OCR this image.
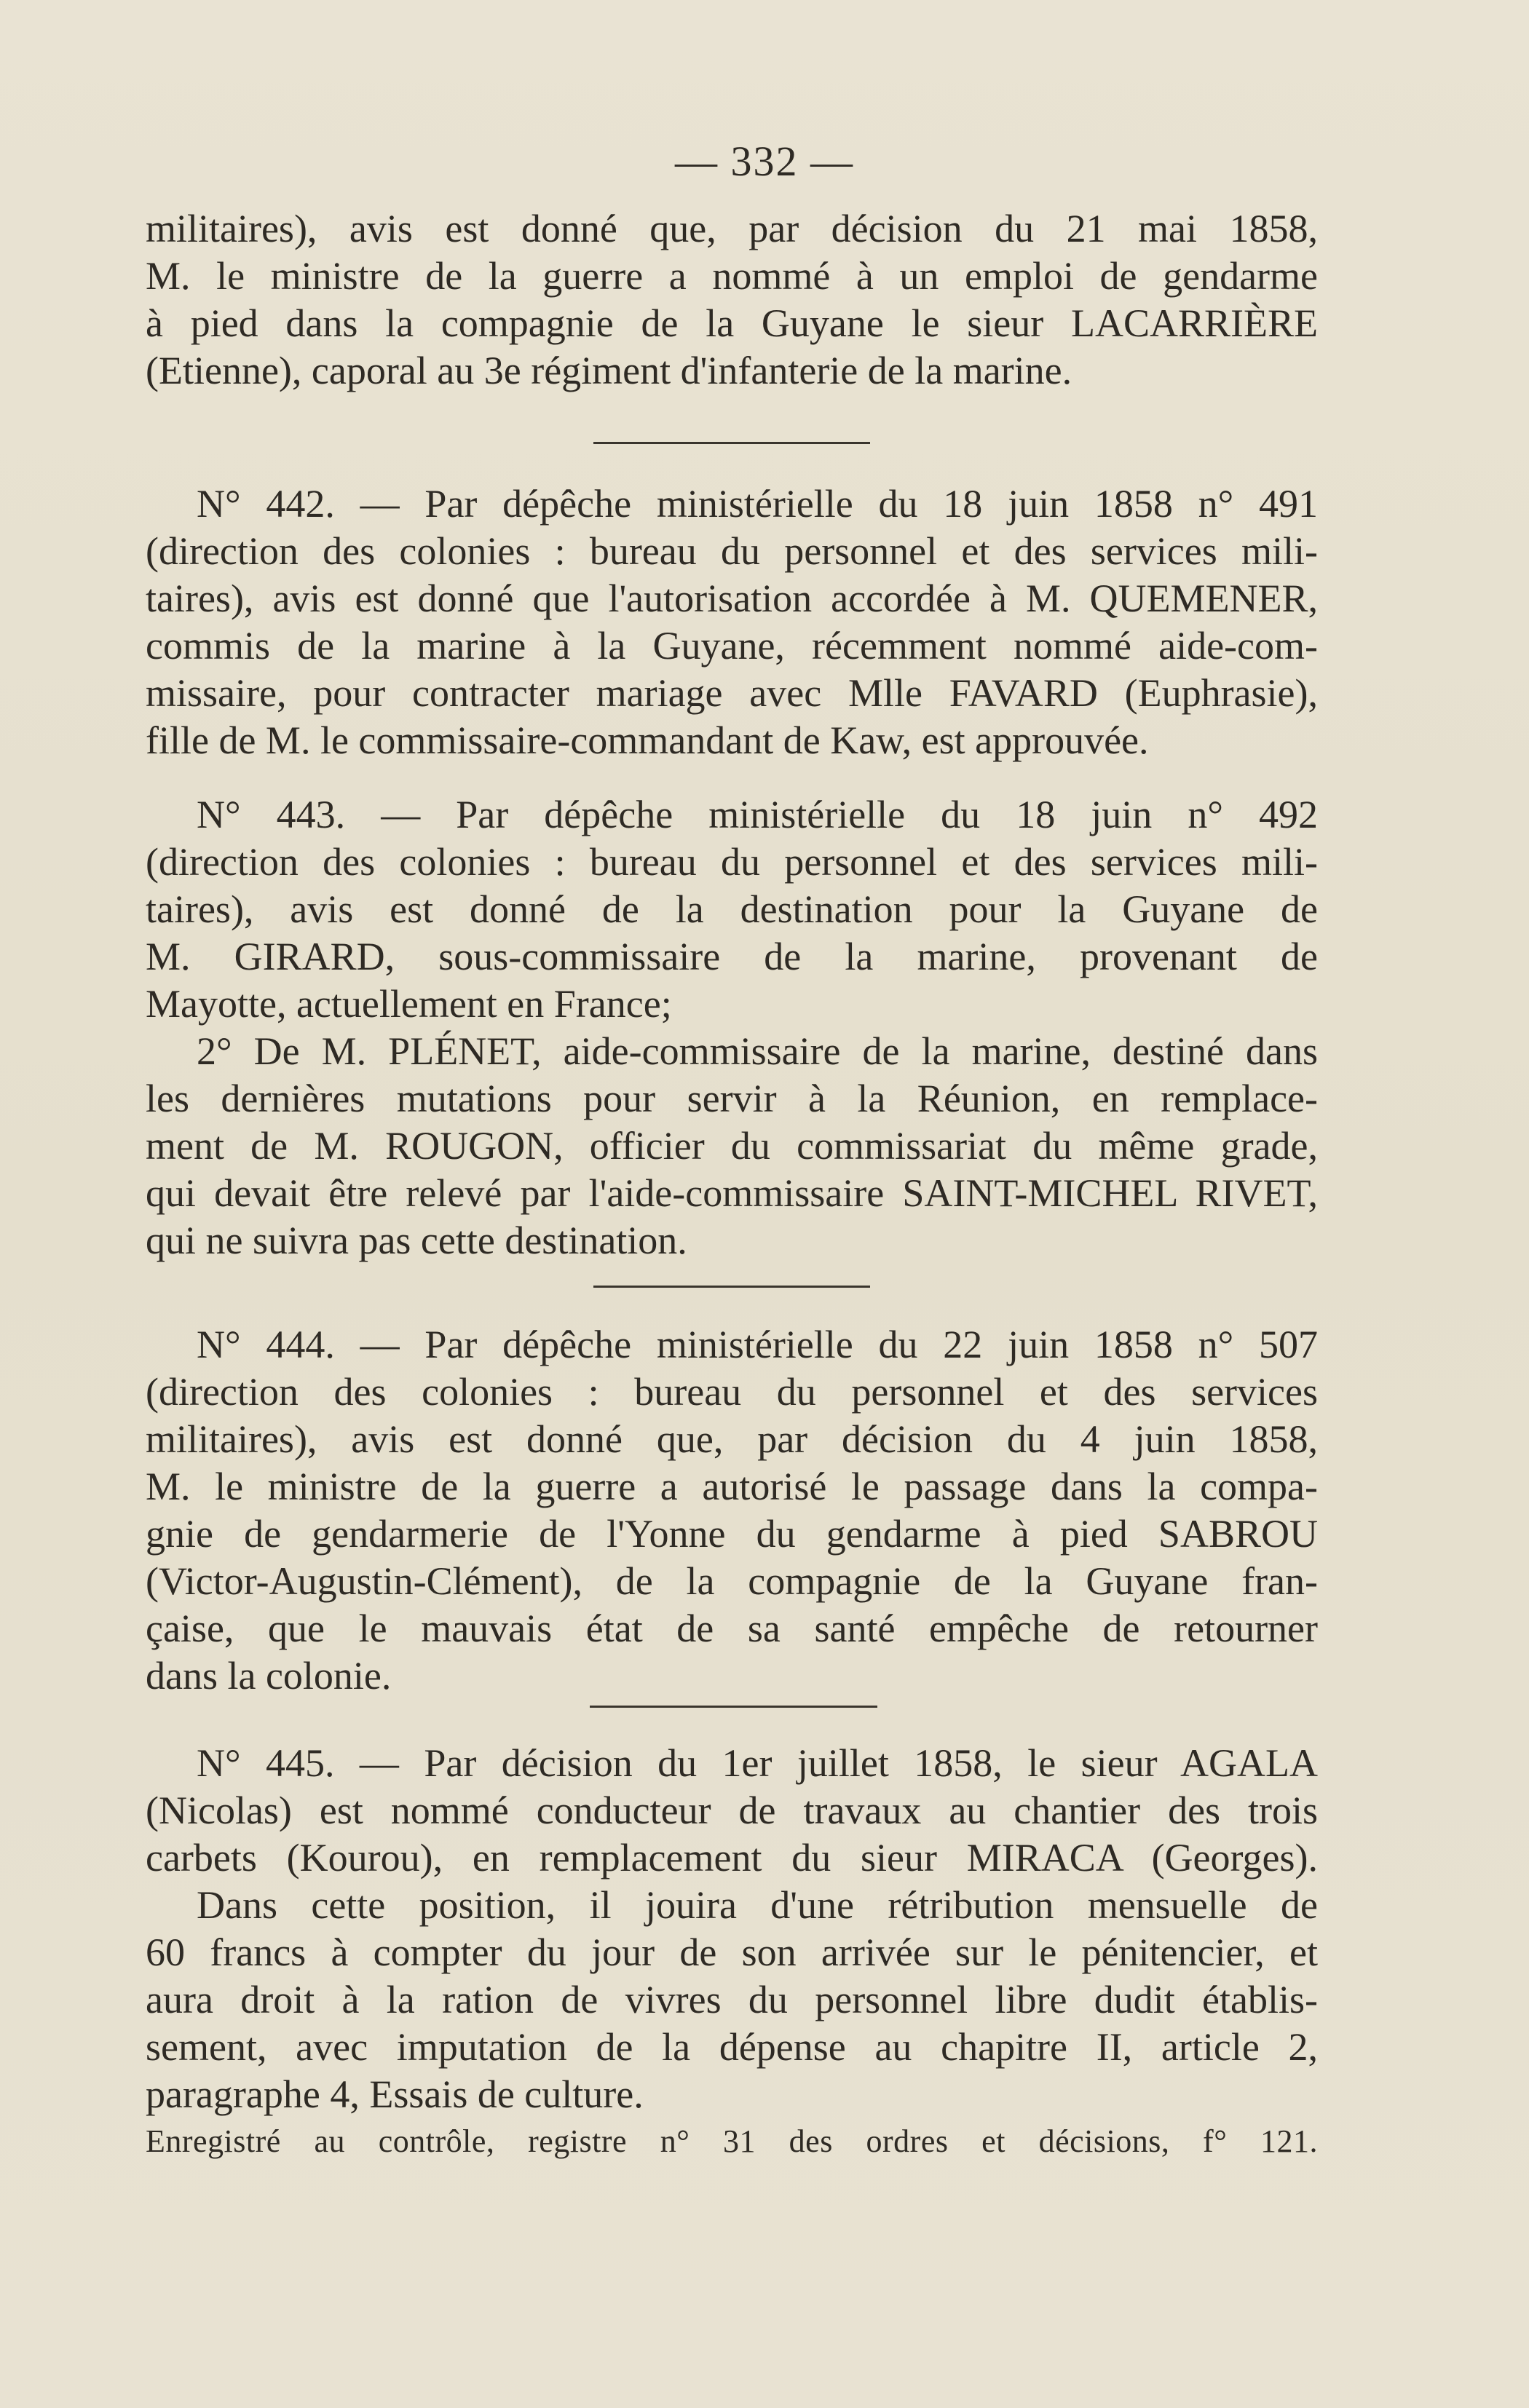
— 332 —
militaires), avis est donné que, par décision du 21 mai 1858,
M. le ministre de la guerre a nommé à un emploi de gendarme
à pied dans la compagnie de la Guyane le sieur LACARRIÈRE
(Etienne), caporal au 3e régiment d'infanterie de la marine.
N° 442. — Par dépêche ministérielle du 18 juin 1858 n° 491
(direction des colonies : bureau du personnel et des services mili-
taires), avis est donné que l'autorisation accordée à M. QUEMENER,
commis de la marine à la Guyane, récemment nommé aide-com-
missaire, pour contracter mariage avec Mlle FAVARD (Euphrasie),
fille de M. le commissaire-commandant de Kaw, est approuvée.
N° 443. — Par dépêche ministérielle du 18 juin n° 492
(direction des colonies : bureau du personnel et des services mili-
taires), avis est donné de la destination pour la Guyane de
M. GIRARD, sous-commissaire de la marine, provenant de
Mayotte, actuellement en France;
2° De M. PLÉNET, aide-commissaire de la marine, destiné dans
les dernières mutations pour servir à la Réunion, en remplace-
ment de M. ROUGON, officier du commissariat du même grade,
qui devait être relevé par l'aide-commissaire SAINT-MICHEL RIVET,
qui ne suivra pas cette destination.
N° 444. — Par dépêche ministérielle du 22 juin 1858 n° 507
(direction des colonies : bureau du personnel et des services
militaires), avis est donné que, par décision du 4 juin 1858,
M. le ministre de la guerre a autorisé le passage dans la compa-
gnie de gendarmerie de l'Yonne du gendarme à pied SABROU
(Victor-Augustin-Clément), de la compagnie de la Guyane fran-
çaise, que le mauvais état de sa santé empêche de retourner
dans la colonie.
N° 445. — Par décision du 1er juillet 1858, le sieur AGALA
(Nicolas) est nommé conducteur de travaux au chantier des trois
carbets (Kourou), en remplacement du sieur MIRACA (Georges).
Dans cette position, il jouira d'une rétribution mensuelle de
60 francs à compter du jour de son arrivée sur le pénitencier, et
aura droit à la ration de vivres du personnel libre dudit établis-
sement, avec imputation de la dépense au chapitre II, article 2,
paragraphe 4, Essais de culture.
Enregistré au contrôle, registre n° 31 des ordres et décisions, f° 121.
